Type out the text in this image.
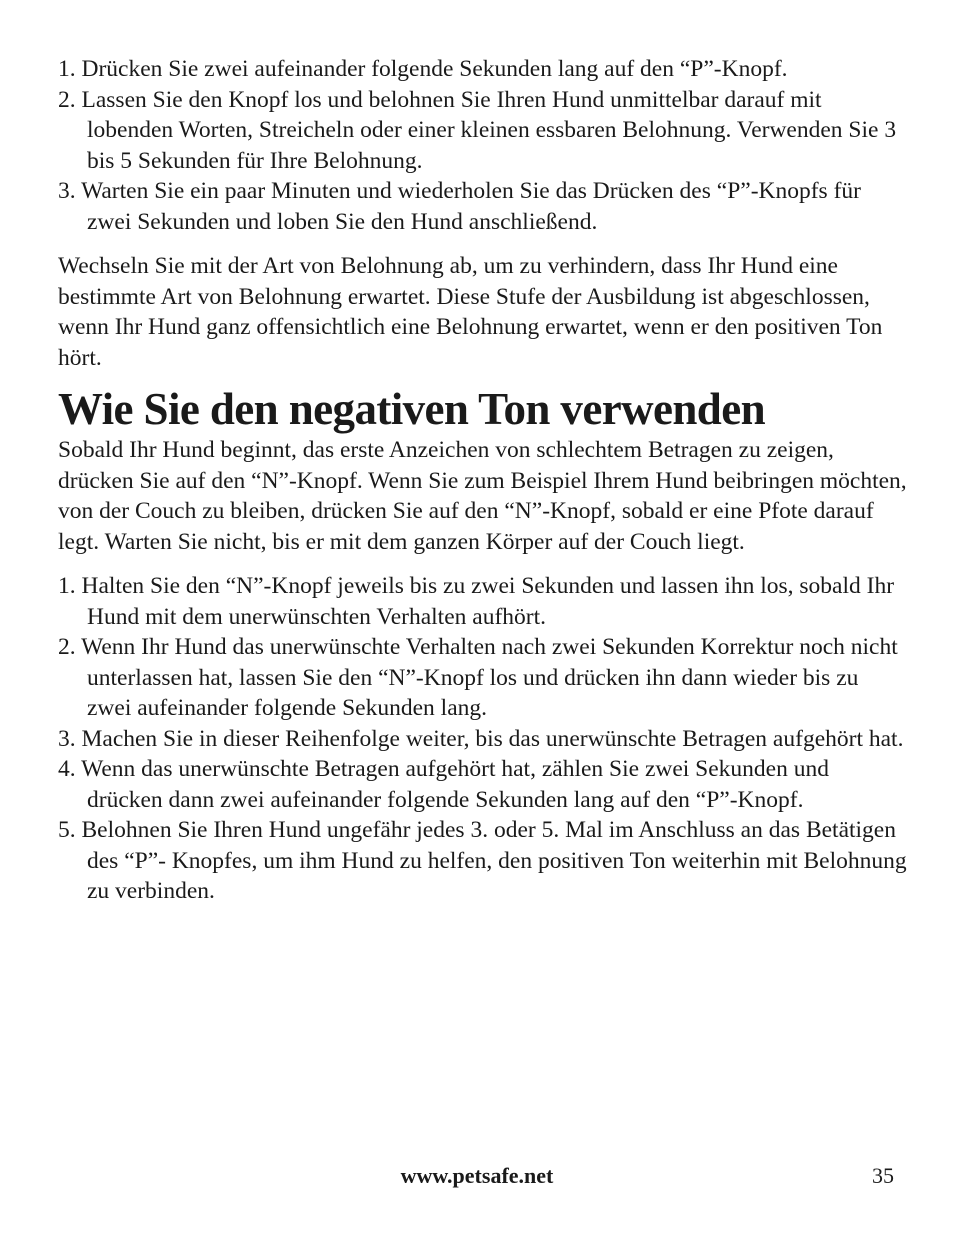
1. Drücken Sie zwei aufeinander folgende Sekunden lang auf den “P”-Knopf.
2. Lassen Sie den Knopf los und belohnen Sie Ihren Hund unmittelbar darauf mit lobenden Worten, Streicheln oder einer kleinen essbaren Belohnung. Verwenden Sie 3 bis 5 Sekunden für Ihre Belohnung.
3. Warten Sie ein paar Minuten und wiederholen Sie das Drücken des “P”-Knopfs für zwei Sekunden und loben Sie den Hund anschließend.

Wechseln Sie mit der Art von Belohnung ab, um zu verhindern, dass Ihr Hund eine bestimmte Art von Belohnung erwartet. Diese Stufe der Ausbildung ist abgeschlossen, wenn Ihr Hund ganz offensichtlich eine Belohnung erwartet, wenn er den positiven Ton hört.

Wie Sie den negativen Ton verwenden

Sobald Ihr Hund beginnt, das erste Anzeichen von schlechtem Betragen zu zeigen, drücken Sie auf den “N”-Knopf. Wenn Sie zum Beispiel Ihrem Hund beibringen möchten, von der Couch zu bleiben, drücken Sie auf den “N”-Knopf, sobald er eine Pfote darauf legt. Warten Sie nicht, bis er mit dem ganzen Körper auf der Couch liegt.

1. Halten Sie den “N”-Knopf jeweils bis zu zwei Sekunden und lassen ihn los, sobald Ihr Hund mit dem unerwünschten Verhalten aufhört.
2. Wenn Ihr Hund das unerwünschte Verhalten nach zwei Sekunden Korrektur noch nicht unterlassen hat, lassen Sie den “N”-Knopf los und drücken ihn dann wieder bis zu zwei aufeinander folgende Sekunden lang.
3. Machen Sie in dieser Reihenfolge weiter, bis das unerwünschte Betragen aufgehört hat.
4. Wenn das unerwünschte Betragen aufgehört hat, zählen Sie zwei Sekunden und drücken dann zwei aufeinander folgende Sekunden lang auf den “P”-Knopf.
5. Belohnen Sie Ihren Hund ungefähr jedes 3. oder 5. Mal im Anschluss an das Betätigen des “P”- Knopfes, um ihm Hund zu helfen, den positiven Ton weiterhin mit Belohnung zu verbinden.
www.petsafe.net	35
